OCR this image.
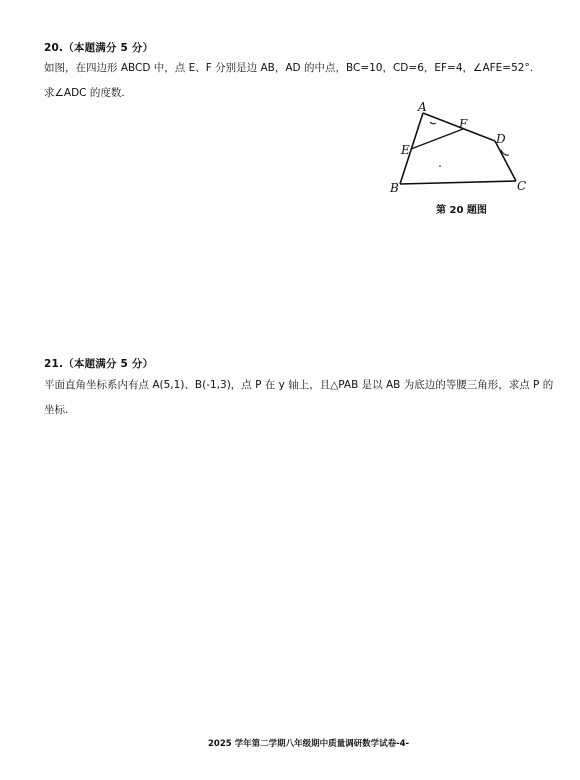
20.（本题满分 5 分）
如图，在四边形 ABCD 中，点 E、F 分别是边 AB，AD 的中点，BC=10，CD=6，EF=4，∠AFE=52°.
求∠ADC 的度数.
A
B	C
D
E
F
第 20 题图
21.（本题满分 5 分）
平面直角坐标系内有点 A(5,1)、B(-1,3)，点 P 在 y 轴上，且△PAB 是以 AB 为底边的等腰三角形，求点 P 的
坐标.
2025 学年第二学期八年级期中质量调研数学试卷-4-
